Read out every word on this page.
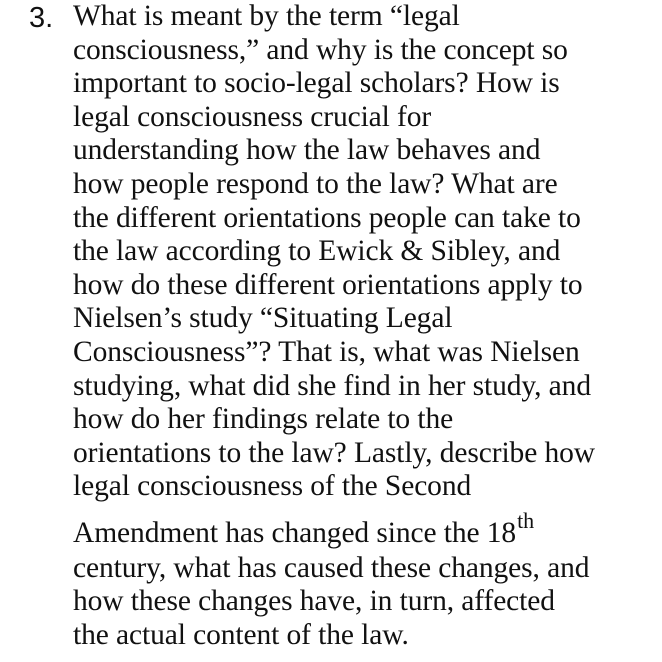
3. What is meant by the term “legal
consciousness,” and why is the concept so
important to socio-legal scholars? How is
legal consciousness crucial for
understanding how the law behaves and
how people respond to the law? What are
the different orientations people can take to
the law according to Ewick & Sibley, and
how do these different orientations apply to
Nielsen’s study “Situating Legal
Consciousness”? That is, what was Nielsen
studying, what did she find in her study, and
how do her findings relate to the
orientations to the law? Lastly, describe how
legal consciousness of the Second
Amendment has changed since the 18th
century, what has caused these changes, and
how these changes have, in turn, affected
the actual content of the law.
